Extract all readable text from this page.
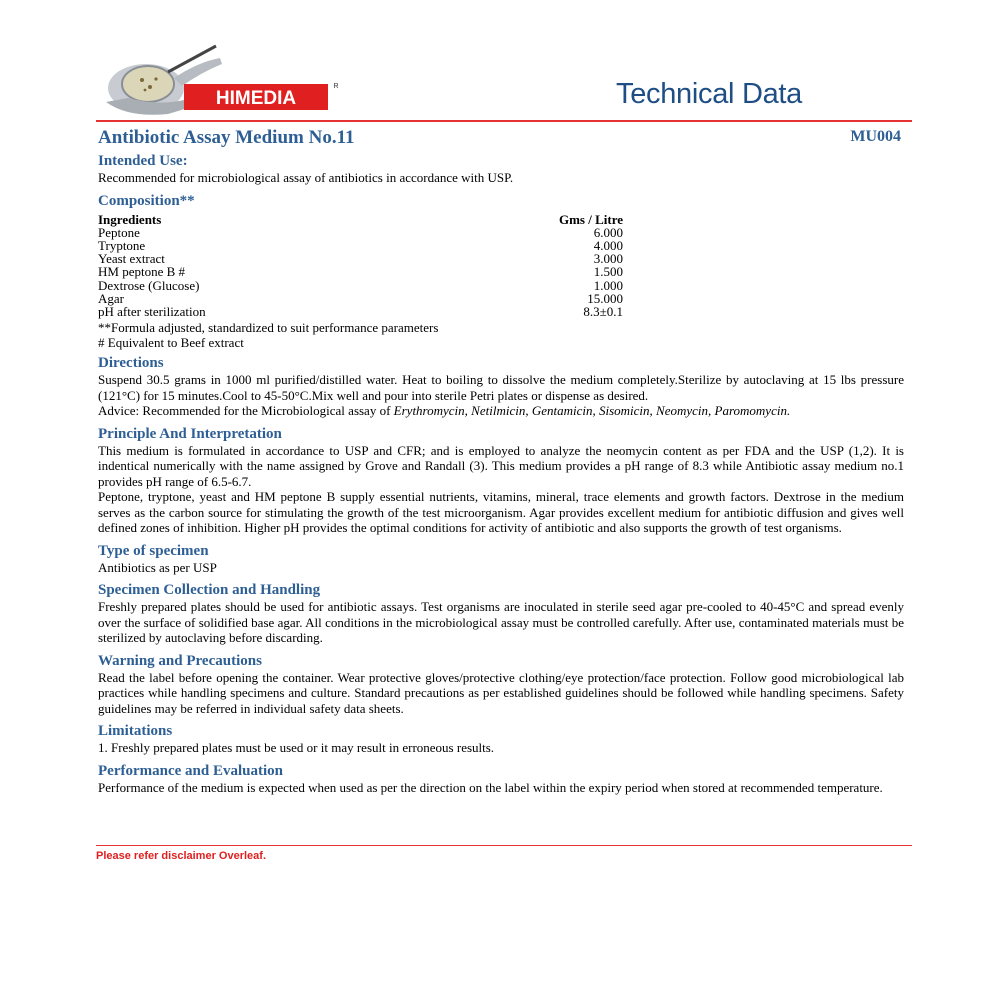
HIMEDIA
R	Technical Data
Antibiotic Assay Medium No.11	MU004
Intended Use:

Recommended for microbiological assay of antibiotics in accordance with USP.

Composition**
Ingredients	Gms / Litre
Peptone	6.000
Tryptone	4.000
Yeast extract	3.000
HM peptone B #	1.500
Dextrose (Glucose)	1.000
Agar	15.000
pH after sterilization	8.3±0.1

**Formula adjusted, standardized to suit performance parameters

# Equivalent to Beef extract

Directions

Suspend 30.5 grams in 1000 ml purified/distilled water. Heat to boiling to dissolve the medium completely.Sterilize by autoclaving at 15 lbs pressure (121°C) for 15 minutes.Cool to 45-50°C.Mix well and pour into sterile Petri plates or dispense as desired.

Advice: Recommended for the Microbiological assay of Erythromycin, Netilmicin, Gentamicin, Sisomicin, Neomycin, Paromomycin.

Principle And Interpretation

This medium is formulated in accordance to USP and CFR; and is employed to analyze the neomycin content as per FDA and the USP (1,2). It is indentical numerically with the name assigned by Grove and Randall (3). This medium provides a pH range of 8.3 while Antibiotic assay medium no.1 provides pH range of 6.5-6.7.

Peptone, tryptone, yeast and HM peptone B supply essential nutrients, vitamins, mineral, trace elements and growth factors. Dextrose in the medium serves as the carbon source for stimulating the growth of the test microorganism. Agar provides excellent medium for antibiotic diffusion and gives well defined zones of inhibition. Higher pH provides the optimal conditions for activity of antibiotic and also supports the growth of test organisms.

Type of specimen

Antibiotics as per USP

Specimen Collection and Handling

Freshly prepared plates should be used for antibiotic assays. Test organisms are inoculated in sterile seed agar pre-cooled to 40-45°C and spread evenly over the surface of solidified base agar. All conditions in the microbiological assay must be controlled carefully. After use, contaminated materials must be sterilized by autoclaving before discarding.

Warning and Precautions

Read the label before opening the container. Wear protective gloves/protective clothing/eye protection/face protection. Follow good microbiological lab practices while handling specimens and culture. Standard precautions as per established guidelines should be followed while handling specimens. Safety guidelines may be referred in individual safety data sheets.

Limitations

1. Freshly prepared plates must be used or it may result in erroneous results.

Performance and Evaluation

Performance of the medium is expected when used as per the direction on the label within the expiry period when stored at recommended temperature.

Please refer disclaimer Overleaf.
